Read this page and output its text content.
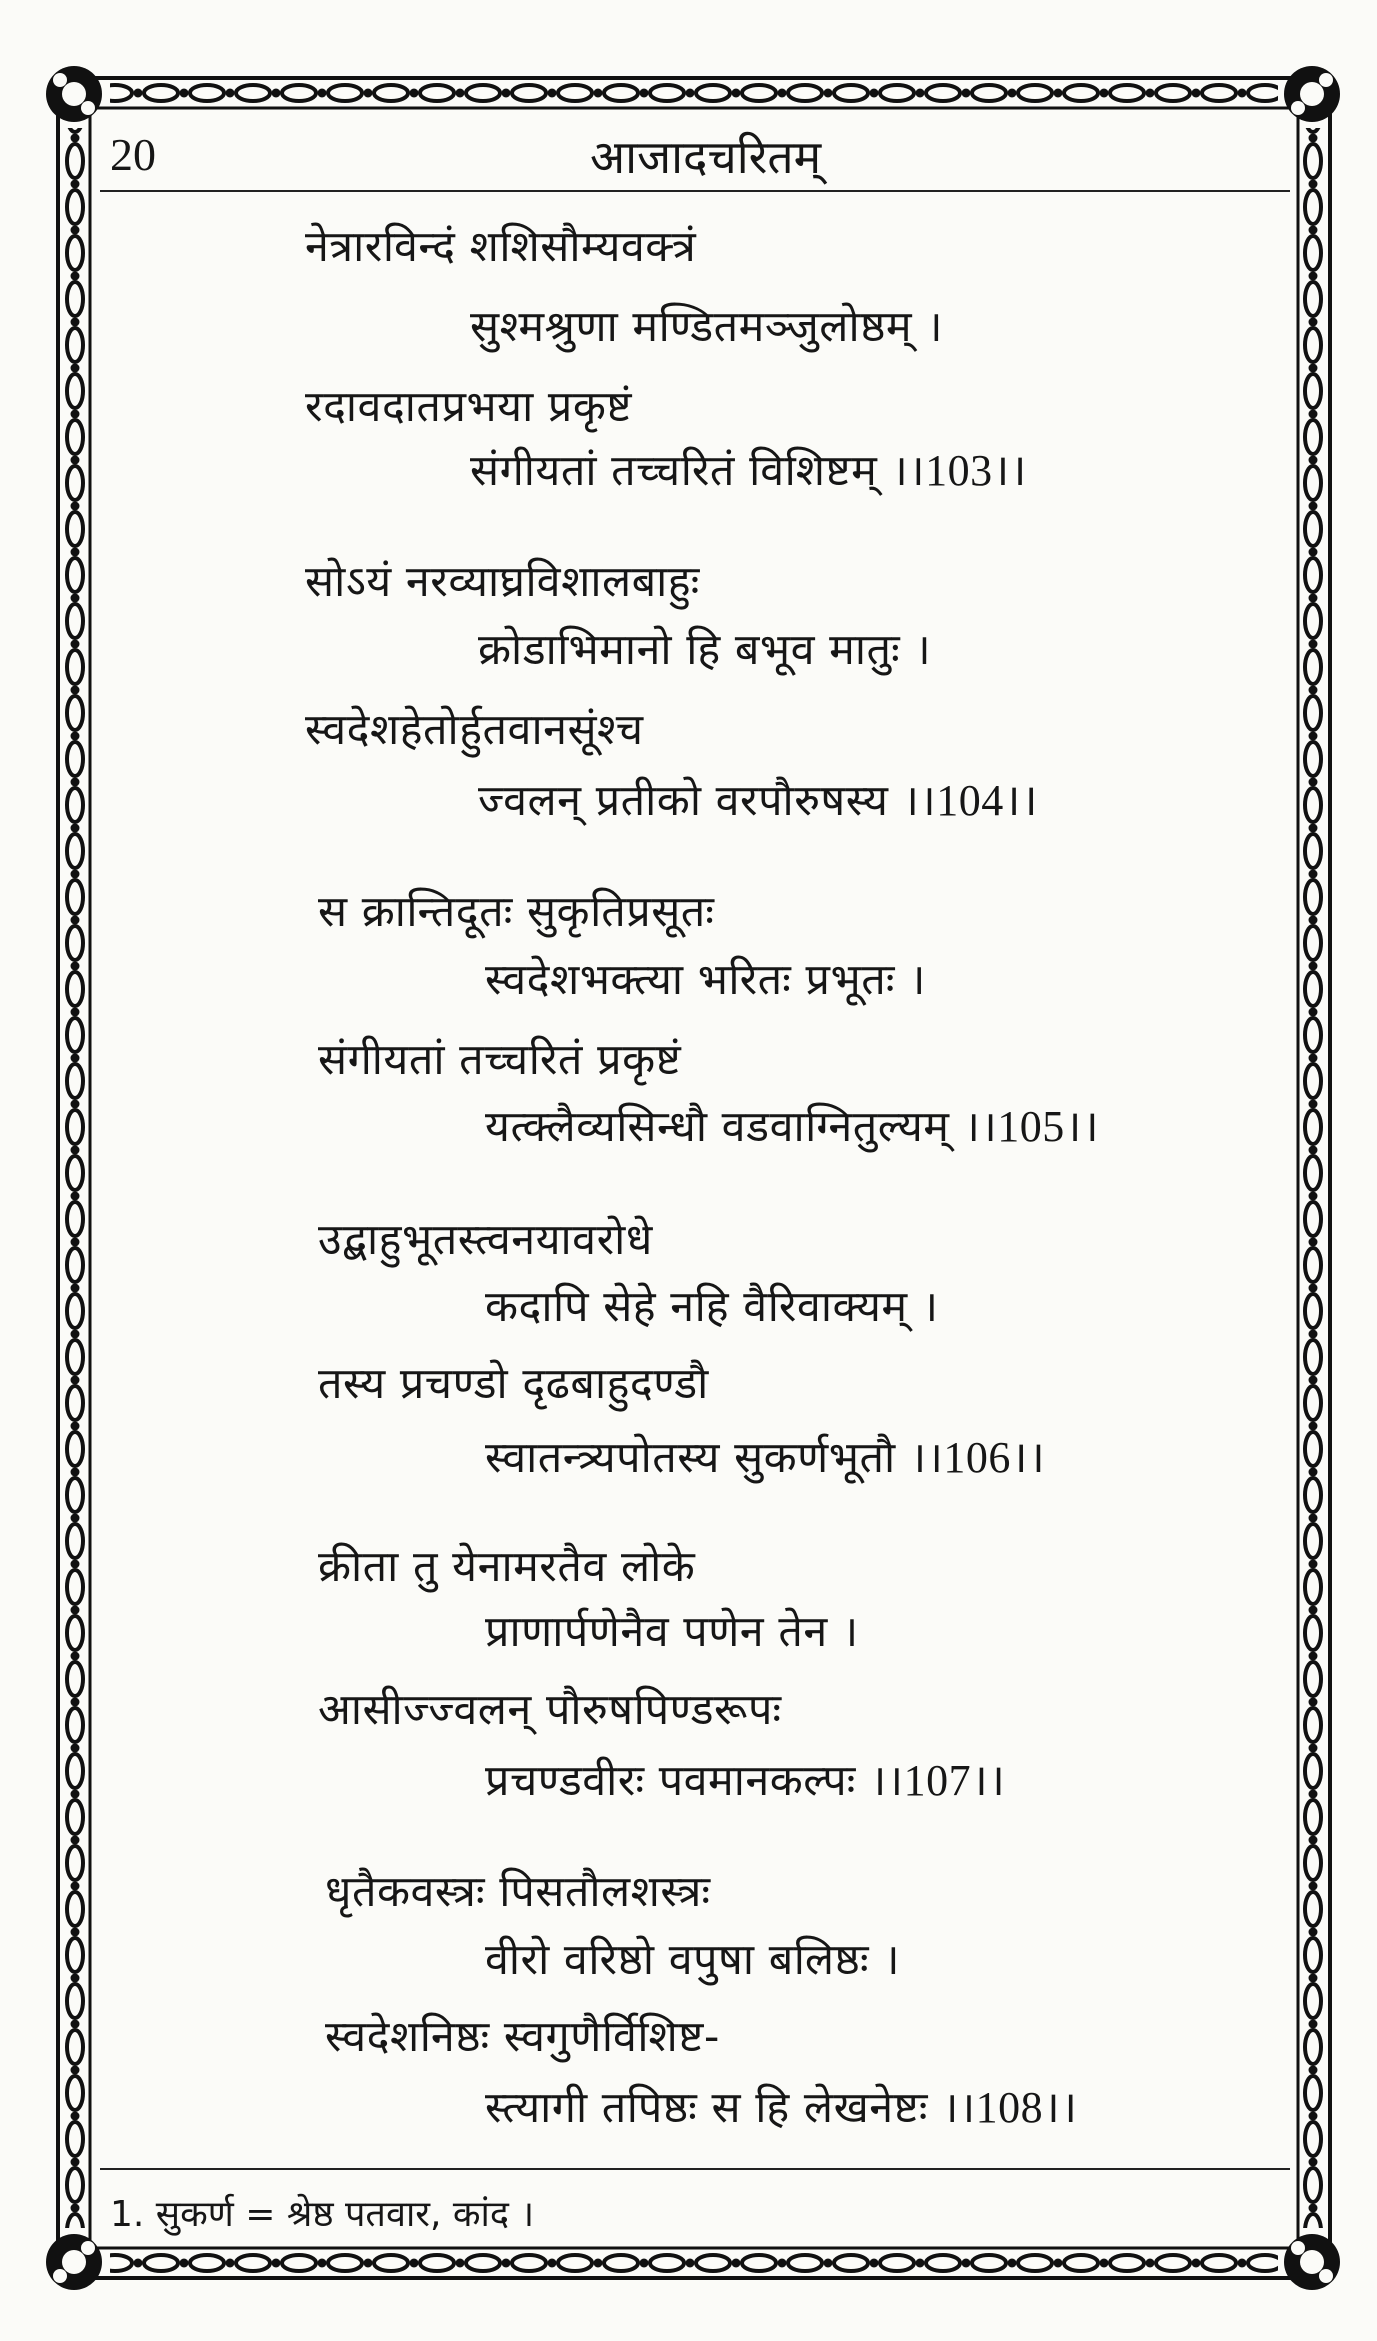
20	आजादचरितम्
नेत्रारविन्दं शशिसौम्यवक्त्रं
सुश्मश्रुणा मण्डितमञ्जुलोष्ठम् ।
रदावदातप्रभया प्रकृष्टं
संगीयतां तच्चरितं विशिष्टम् ।।103।।
सोऽयं नरव्याघ्रविशालबाहुः
क्रोडाभिमानो हि बभूव मातुः ।
स्वदेशहेतोर्हुतवानसूंश्च
ज्वलन् प्रतीको वरपौरुषस्य ।।104।।
स क्रान्तिदूतः सुकृतिप्रसूतः
स्वदेशभक्त्या भरितः प्रभूतः ।
संगीयतां तच्चरितं प्रकृष्टं
यत्क्लैव्यसिन्धौ वडवाग्नितुल्यम् ।।105।।
उद्बाहुभूतस्त्वनयावरोधे
कदापि सेहे नहि वैरिवाक्यम् ।
तस्य प्रचण्डो दृढबाहुदण्डौ
स्वातन्त्र्यपोतस्य सुकर्णभूतौ ।।106।।
क्रीता तु येनामरतैव लोके
प्राणार्पणेनैव पणेन तेन ।
आसीज्ज्वलन् पौरुषपिण्डरूपः
प्रचण्डवीरः पवमानकल्पः ।।107।।
धृतैकवस्त्रः पिसतौलशस्त्रः
वीरो वरिष्ठो वपुषा बलिष्ठः ।
स्वदेशनिष्ठः स्वगुणैर्विशिष्ट-
स्त्यागी तपिष्ठः स हि लेखनेष्टः ।।108।।
1. सुकर्ण = श्रेष्ठ पतवार, कांद ।
